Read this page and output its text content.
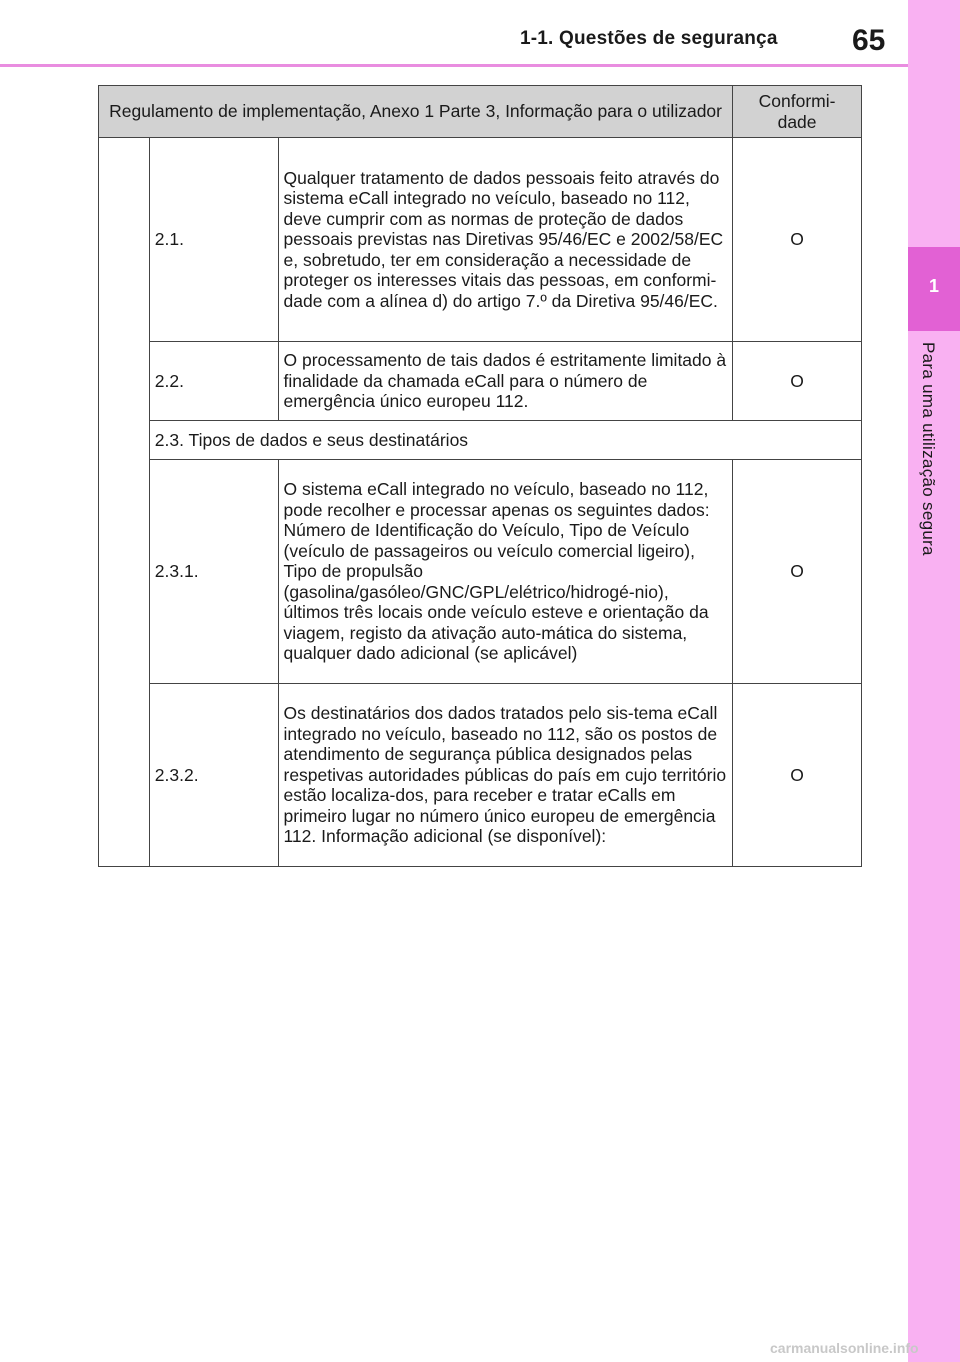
1-1. Questões de segurança 65
1
Para uma utilização segura
Regulamento de implementação, Anexo 1 Parte 3, Informação para o utilizador			Conformi-dade
	2.1.	Qualquer tratamento de dados pessoais feito através do sistema eCall integrado no veículo, baseado no 112, deve cumprir com as normas de proteção de dados pessoais previstas nas Diretivas 95/46/EC e 2002/58/EC e, sobretudo, ter em consideração a necessidade de proteger os interesses vitais das pessoas, em conformi-dade com a alínea d) do artigo 7.º da Diretiva 95/46/EC.	O
	2.2.	O processamento de tais dados é estritamente limitado à finalidade da chamada eCall para o número de emergência único europeu 112.	O
	2.3. Tipos de dados e seus destinatários		
	2.3.1.	O sistema eCall integrado no veículo, baseado no 112, pode recolher e processar apenas os seguintes dados: Número de Identificação do Veículo, Tipo de Veículo (veículo de passageiros ou veículo comercial ligeiro), Tipo de propulsão (gasolina/gasóleo/GNC/GPL/elétrico/hidrogé-nio), últimos três locais onde veículo esteve e orientação da viagem, registo da ativação auto-mática do sistema, qualquer dado adicional (se aplicável)	O
	2.3.2.	Os destinatários dos dados tratados pelo sis-tema eCall integrado no veículo, baseado no 112, são os postos de atendimento de segurança pública designados pelas respetivas autoridades públicas do país em cujo território estão localiza-dos, para receber e tratar eCalls em primeiro lugar no número único europeu de emergência 112. Informação adicional (se disponível):	O
carmanualsonline.info
